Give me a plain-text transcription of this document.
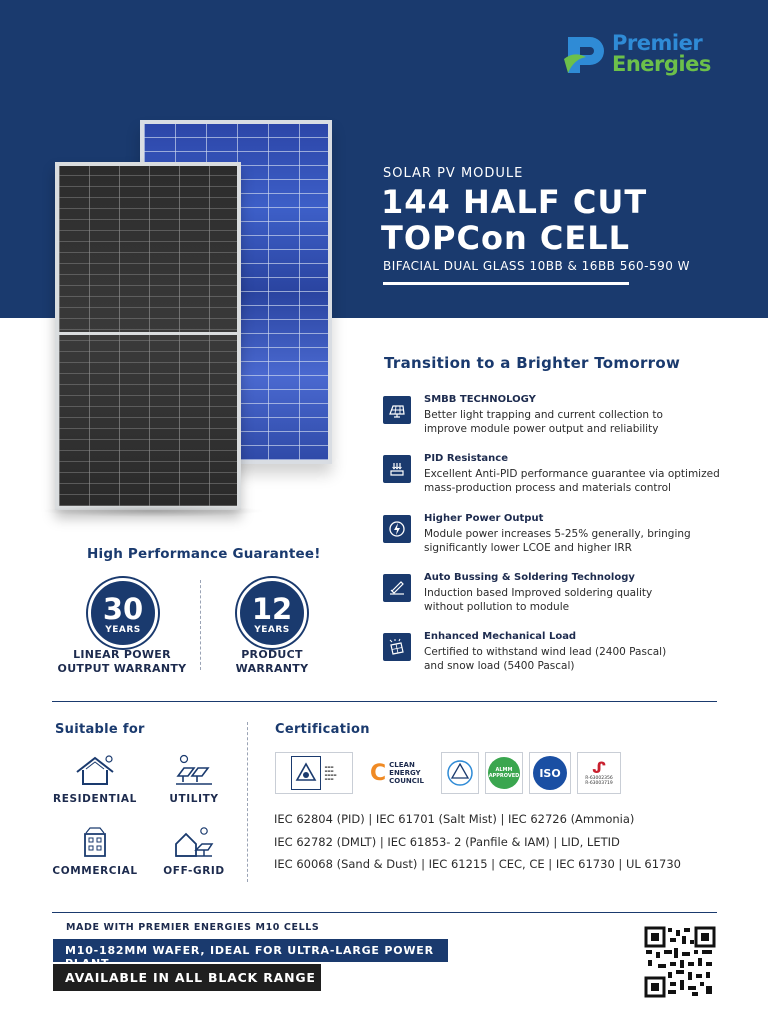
Premier
Energies
SOLAR PV MODULE
144 HALF CUT
TOPCon CELL
BIFACIAL DUAL GLASS 10BB & 16BB 560-590 W
Transition to a Brighter Tomorrow
SMBB TECHNOLOGY
Better light trapping and current collection to
improve module power output and reliability
PID Resistance
Excellent Anti-PID performance guarantee via optimized
mass-production process and materials control
Higher Power Output
Module power increases 5-25% generally, bringing
significantly lower LCOE and higher IRR
Auto Bussing & Soldering Technology
Induction based Improved soldering quality
without pollution to module
Enhanced Mechanical Load
Certified to withstand wind lead (2400 Pascal)
and snow load (5400 Pascal)
High Performance Guarantee!
30
YEARS
LINEAR POWER
OUTPUT WARRANTY
12
YEARS
PRODUCT
WARRANTY
Suitable for
RESIDENTIAL	UTILITY
COMMERCIAL	OFF-GRID
Certification
▬▬▬
▬▬▬
▬▬▬▬
▬▬▬ C CLEAN
ENERGY
COUNCIL
ALMM
APPROVED	ISO	ᔑ
R-63002356
R-63003719
IEC 62804 (PID) | IEC 61701 (Salt Mist) | IEC 62726 (Ammonia)
IEC 62782 (DMLT) | IEC 61853- 2 (Panfile & IAM) | LID, LETID
IEC 60068 (Sand & Dust) | IEC 61215 | CEC, CE | IEC 61730 | UL 61730
MADE WITH PREMIER ENERGIES M10 CELLS
M10-182MM WAFER, IDEAL FOR ULTRA-LARGE POWER
AVAILABLE IN ALL BLACK RANGE
